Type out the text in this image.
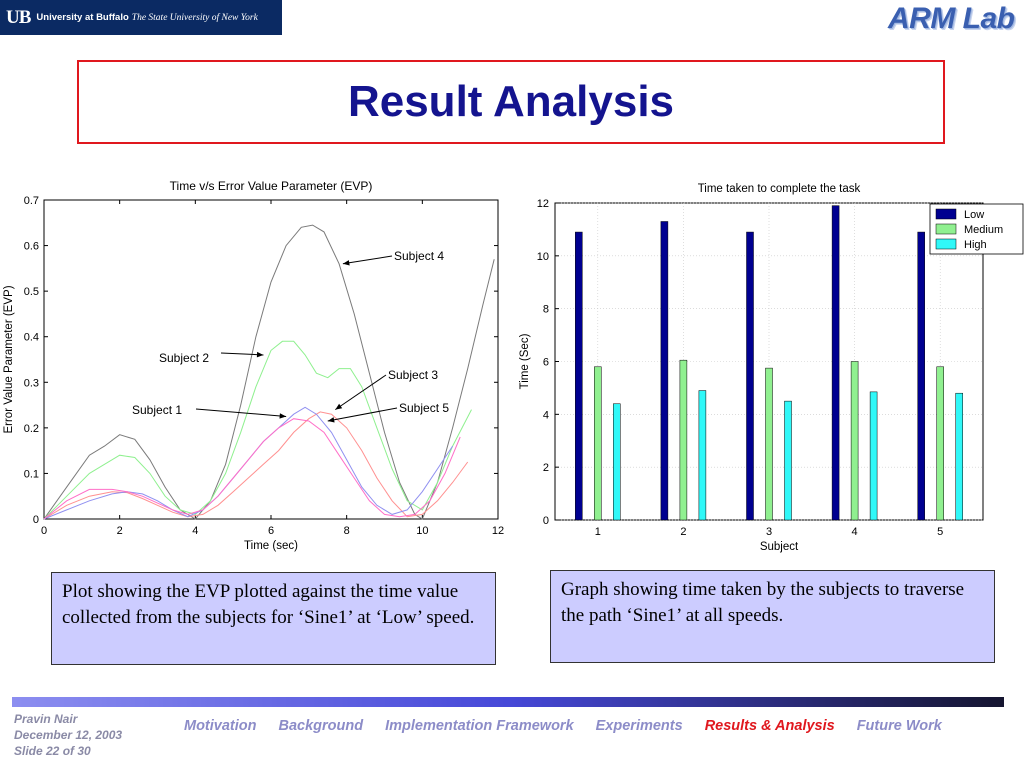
UB University at Buffalo The State University of New York	ARM Lab
Result Analysis
0	2	4	6	8	10	12
0
0.1
0.2
0.3
0.4
0.5
0.6
0.7
Time v/s Error Value Parameter (EVP)
Time (sec)
Error Value Parameter (EVP)
Subject 4
Subject 2
Subject 3
Subject 1	Subject 5
0
2
4
6
8
10
12
1	2	3	4	5
Time taken to complete the task
Subject
Time (Sec)
Low
Medium
High
Plot showing the EVP plotted against the time value collected from the subjects for ‘Sine1’ at ‘Low’ speed.
Graph showing time taken by the subjects to traverse the path ‘Sine1’ at all speeds.
Pravin Nair
December 12, 2003
Slide 22 of 30
Motivation Background Implementation Framework Experiments Results & Analysis Future Work
